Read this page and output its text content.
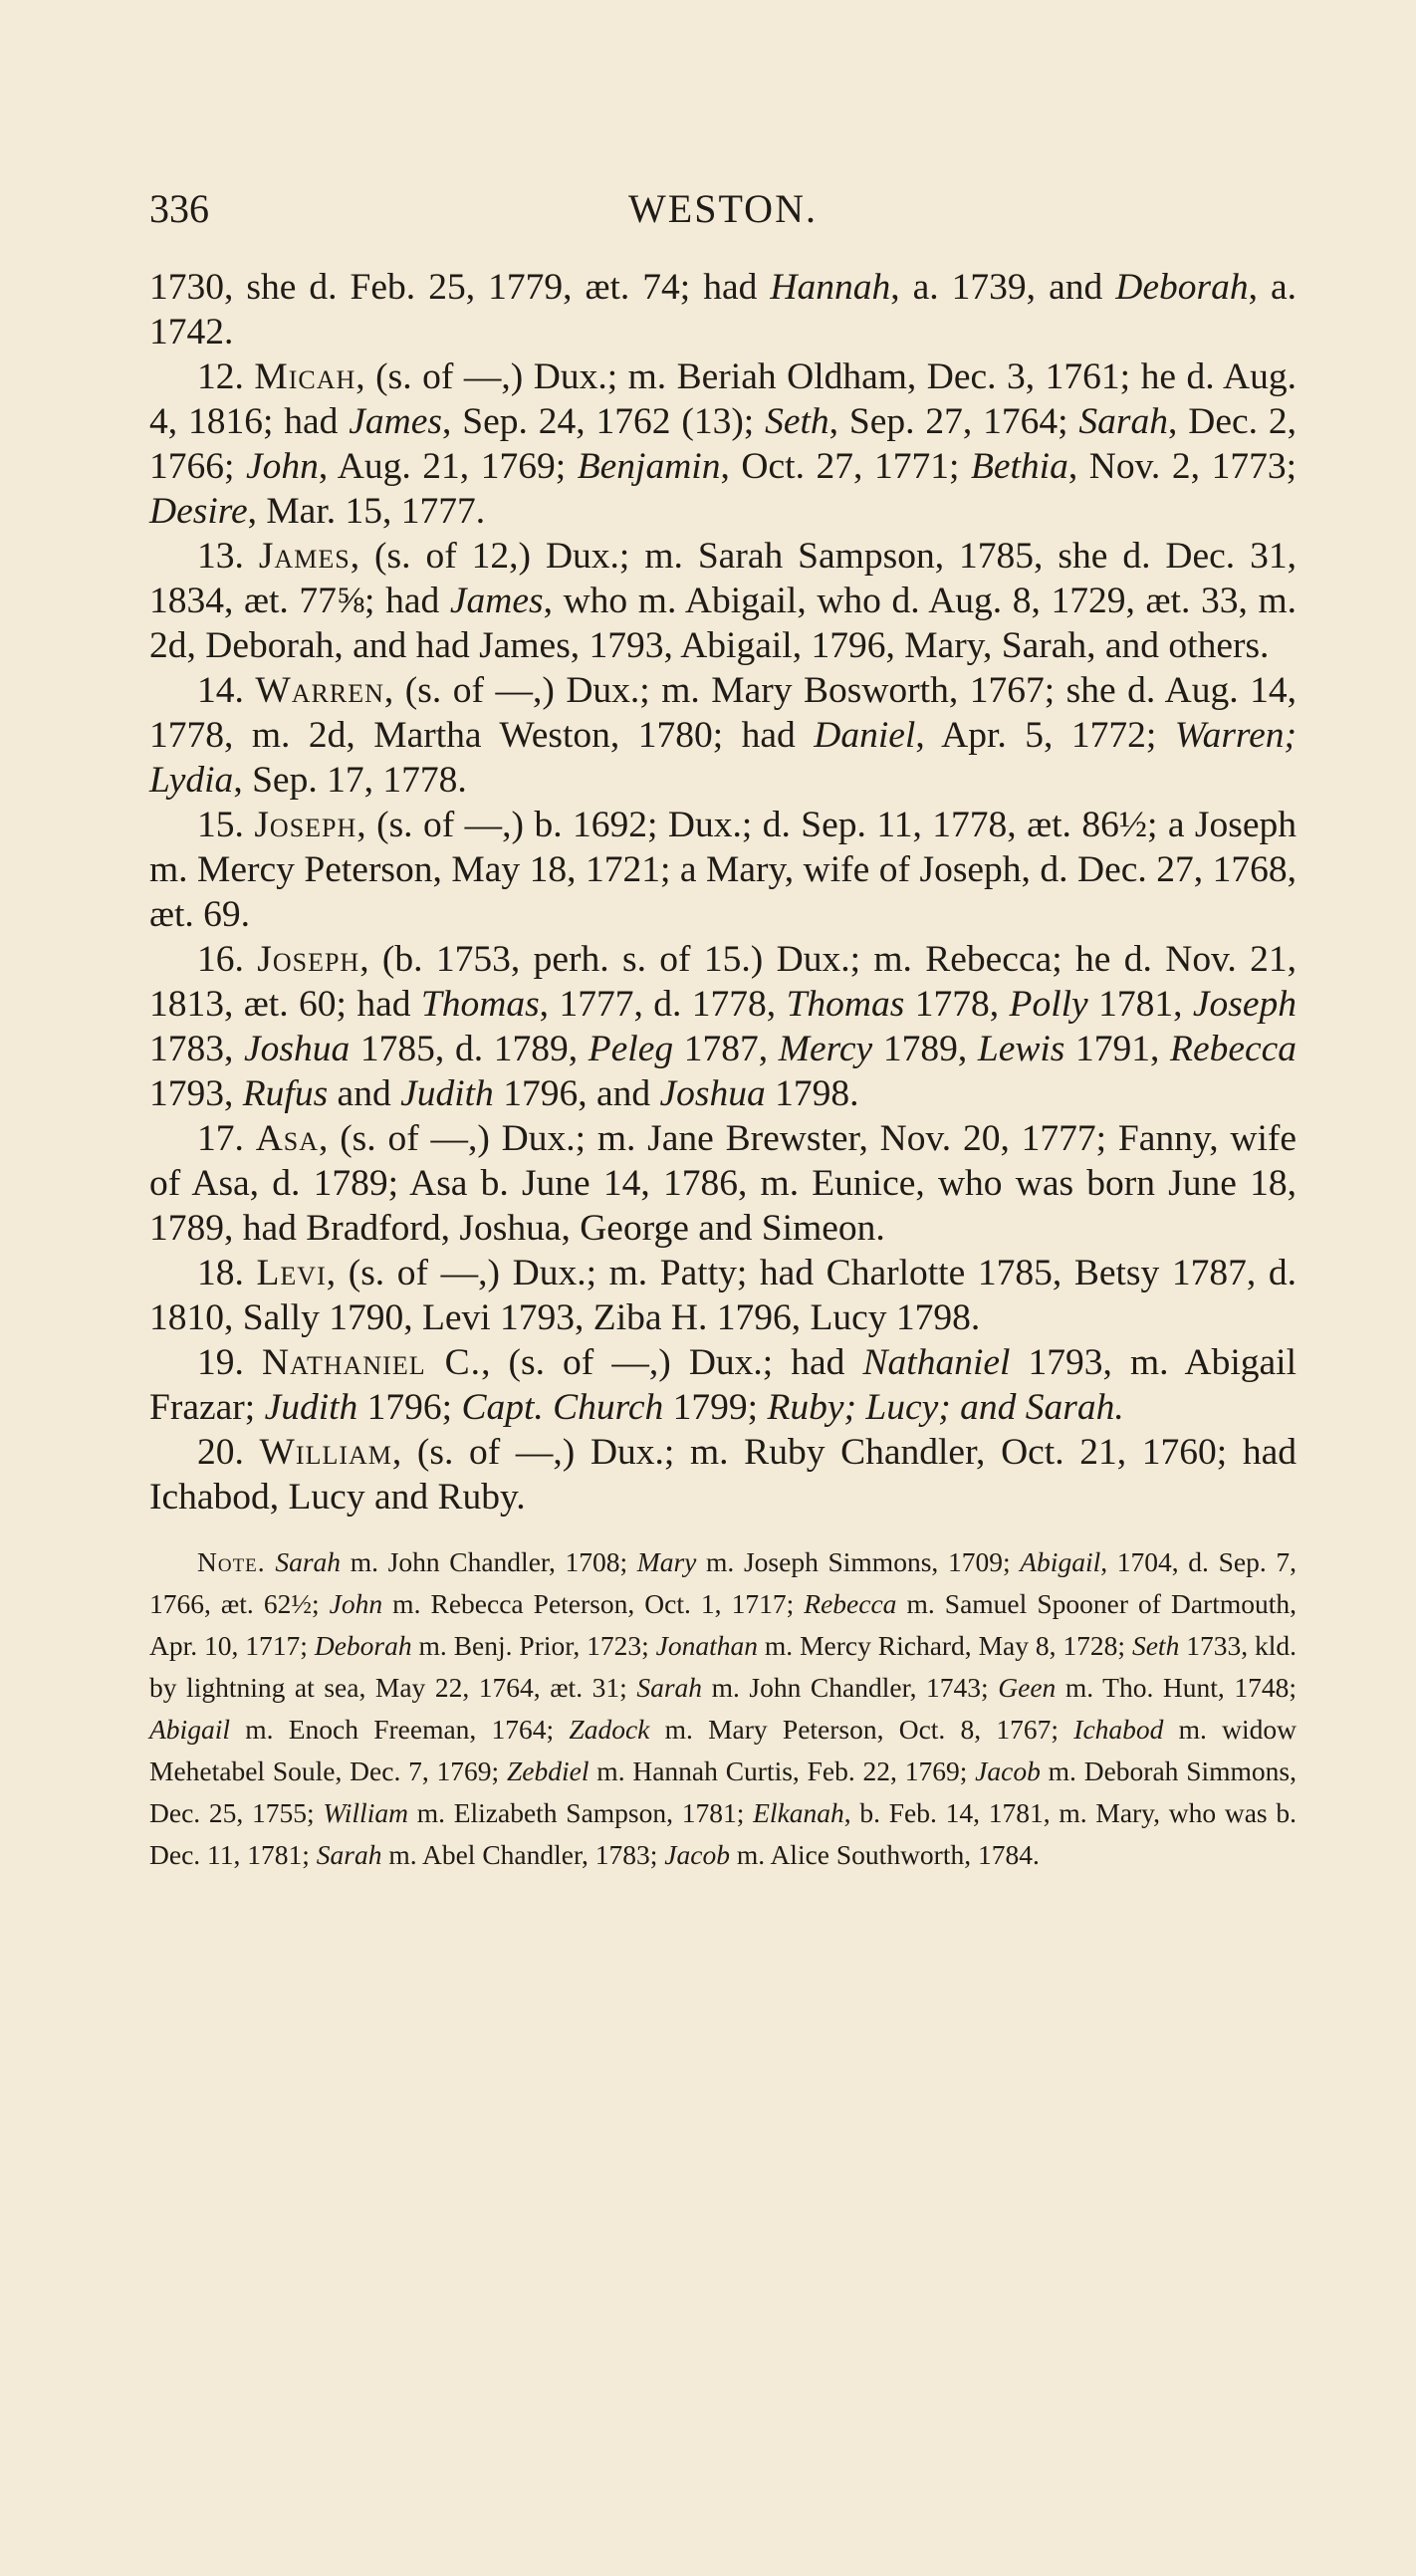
336	WESTON.

1730, she d. Feb. 25, 1779, æt. 74; had Hannah, a. 1739, and Deborah, a. 1742.

12. Micah, (s. of —,) Dux.; m. Beriah Oldham, Dec. 3, 1761; he d. Aug. 4, 1816; had James, Sep. 24, 1762 (13); Seth, Sep. 27, 1764; Sarah, Dec. 2, 1766; John, Aug. 21, 1769; Benjamin, Oct. 27, 1771; Bethia, Nov. 2, 1773; Desire, Mar. 15, 1777.

13. James, (s. of 12,) Dux.; m. Sarah Sampson, 1785, she d. Dec. 31, 1834, æt. 77⅝; had James, who m. Abigail, who d. Aug. 8, 1729, æt. 33, m. 2d, Deborah, and had James, 1793, Abigail, 1796, Mary, Sarah, and others.

14. Warren, (s. of —,) Dux.; m. Mary Bosworth, 1767; she d. Aug. 14, 1778, m. 2d, Martha Weston, 1780; had Daniel, Apr. 5, 1772; Warren; Lydia, Sep. 17, 1778.

15. Joseph, (s. of —,) b. 1692; Dux.; d. Sep. 11, 1778, æt. 86½; a Joseph m. Mercy Peterson, May 18, 1721; a Mary, wife of Joseph, d. Dec. 27, 1768, æt. 69.

16. Joseph, (b. 1753, perh. s. of 15.) Dux.; m. Rebecca; he d. Nov. 21, 1813, æt. 60; had Thomas, 1777, d. 1778, Thomas 1778, Polly 1781, Joseph 1783, Joshua 1785, d. 1789, Peleg 1787, Mercy 1789, Lewis 1791, Rebecca 1793, Rufus and Judith 1796, and Joshua 1798.

17. Asa, (s. of —,) Dux.; m. Jane Brewster, Nov. 20, 1777; Fanny, wife of Asa, d. 1789; Asa b. June 14, 1786, m. Eunice, who was born June 18, 1789, had Bradford, Joshua, George and Simeon.

18. Levi, (s. of —,) Dux.; m. Patty; had Charlotte 1785, Betsy 1787, d. 1810, Sally 1790, Levi 1793, Ziba H. 1796, Lucy 1798.

19. Nathaniel C., (s. of —,) Dux.; had Nathaniel 1793, m. Abigail Frazar; Judith 1796; Capt. Church 1799; Ruby; Lucy; and Sarah.

20. William, (s. of —,) Dux.; m. Ruby Chandler, Oct. 21, 1760; had Ichabod, Lucy and Ruby.

Note. Sarah m. John Chandler, 1708; Mary m. Joseph Simmons, 1709; Abigail, 1704, d. Sep. 7, 1766, æt. 62½; John m. Rebecca Peterson, Oct. 1, 1717; Rebecca m. Samuel Spooner of Dartmouth, Apr. 10, 1717; Deborah m. Benj. Prior, 1723; Jonathan m. Mercy Richard, May 8, 1728; Seth 1733, kld. by lightning at sea, May 22, 1764, æt. 31; Sarah m. John Chandler, 1743; Geen m. Tho. Hunt, 1748; Abigail m. Enoch Freeman, 1764; Zadock m. Mary Peterson, Oct. 8, 1767; Ichabod m. widow Mehetabel Soule, Dec. 7, 1769; Zebdiel m. Hannah Curtis, Feb. 22, 1769; Jacob m. Deborah Simmons, Dec. 25, 1755; William m. Elizabeth Sampson, 1781; Elkanah, b. Feb. 14, 1781, m. Mary, who was b. Dec. 11, 1781; Sarah m. Abel Chandler, 1783; Jacob m. Alice Southworth, 1784.
